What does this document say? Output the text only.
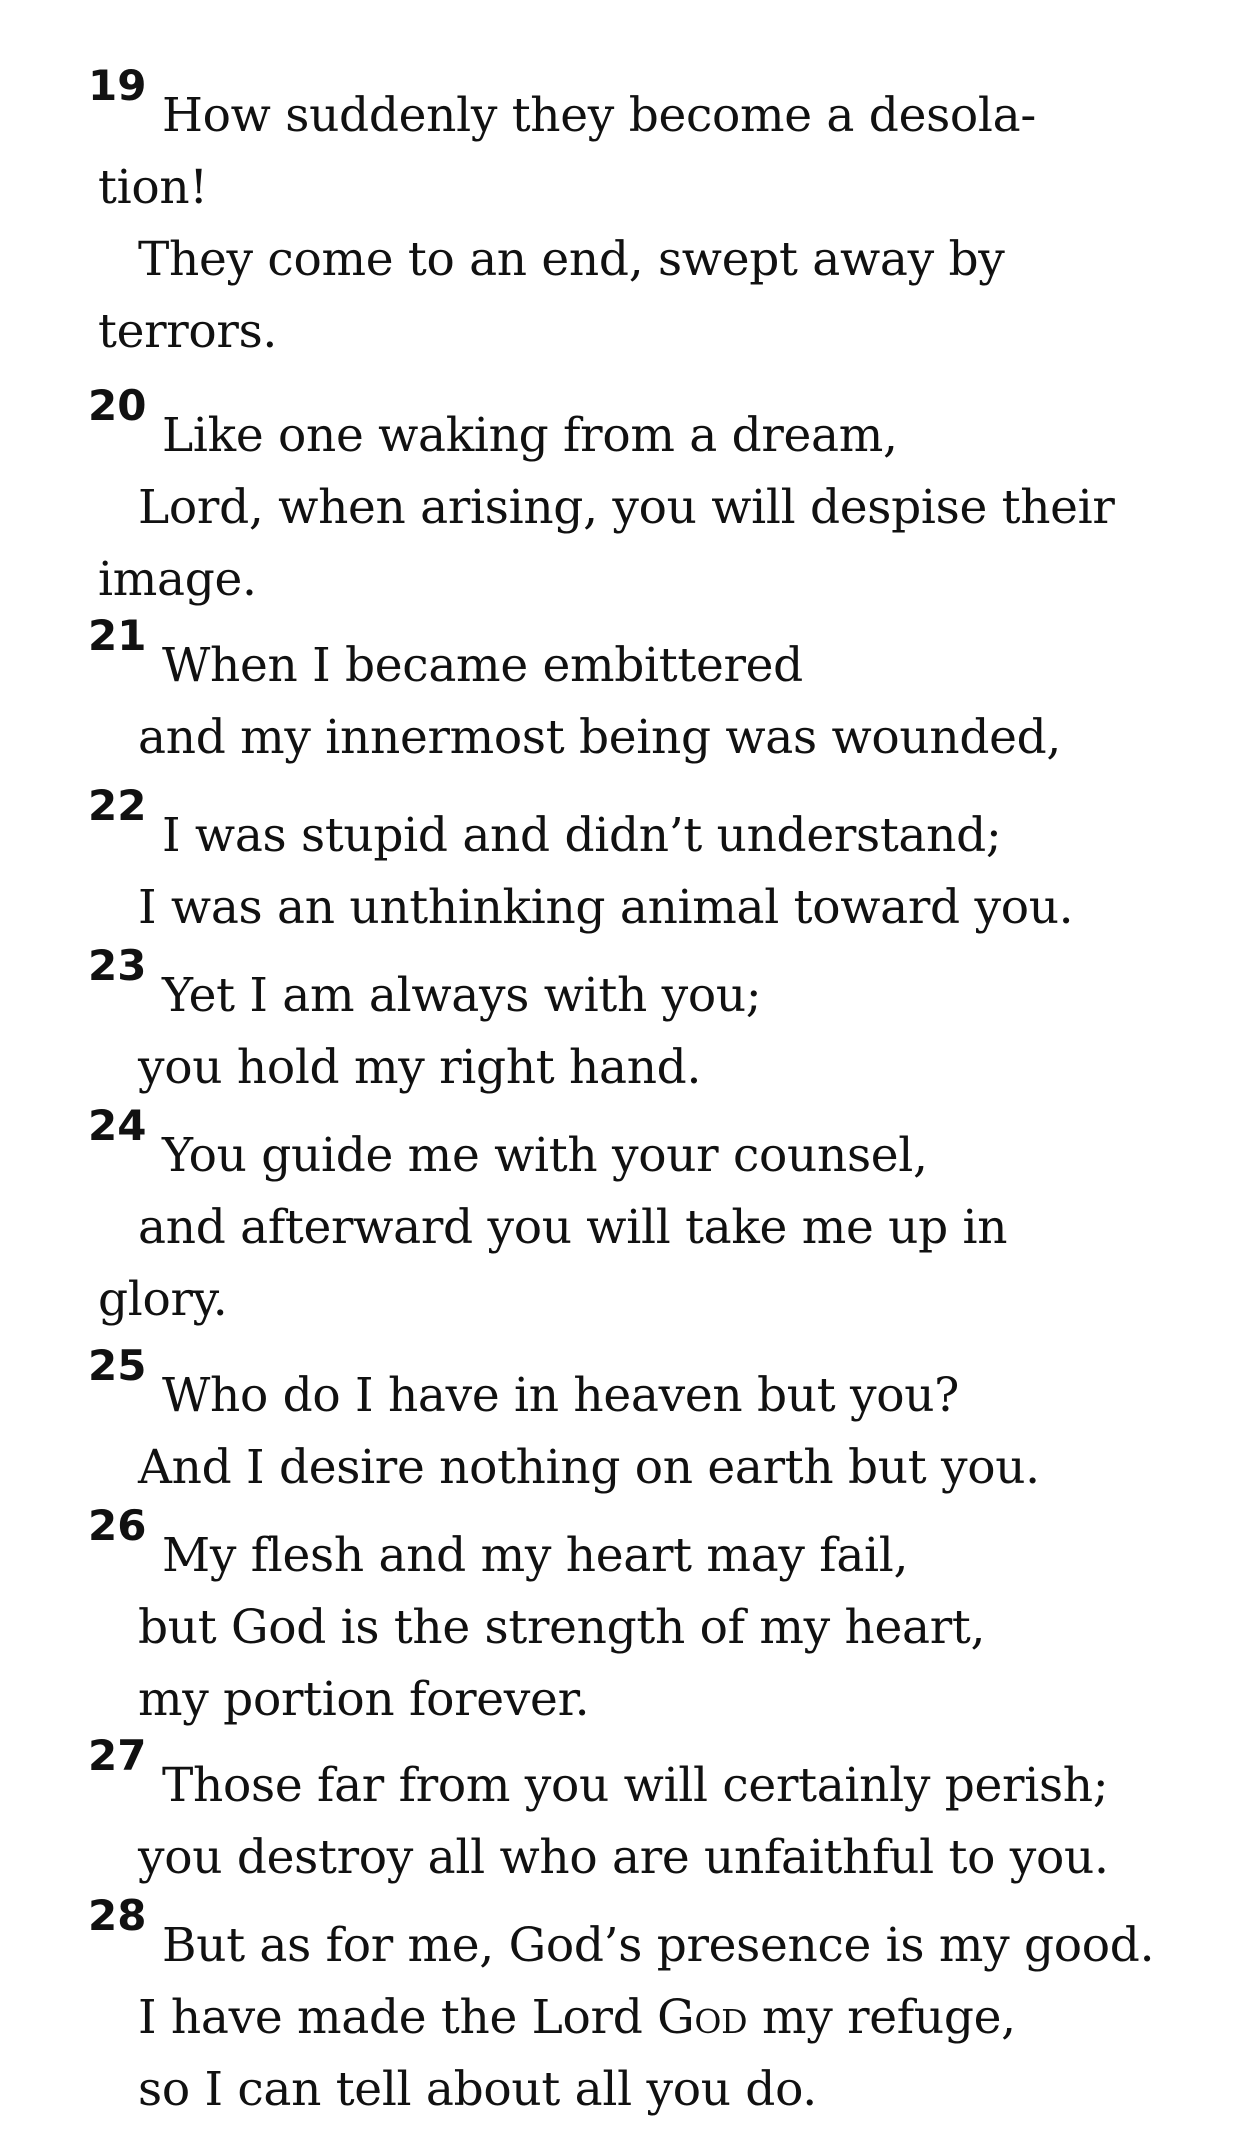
19
How suddenly they become a desola-
tion!
They come to an end, swept away by
terrors.
20
Like one waking from a dream,
Lord, when arising, you will despise their
image.
21
When I became embittered
and my innermost being was wounded,
22
I was stupid and didn’t understand;
I was an unthinking animal toward you.
23
Yet I am always with you;
you hold my right hand.
24
You guide me with your counsel,
and afterward you will take me up in
glory.
25
Who do I have in heaven but you?
And I desire nothing on earth but you.
26
My flesh and my heart may fail,
but God is the strength of my heart,
my portion forever.
27
Those far from you will certainly perish;
you destroy all who are unfaithful to you.
28
But as for me, God’s presence is my good.
I have made the Lord God my refuge,
so I can tell about all you do.
